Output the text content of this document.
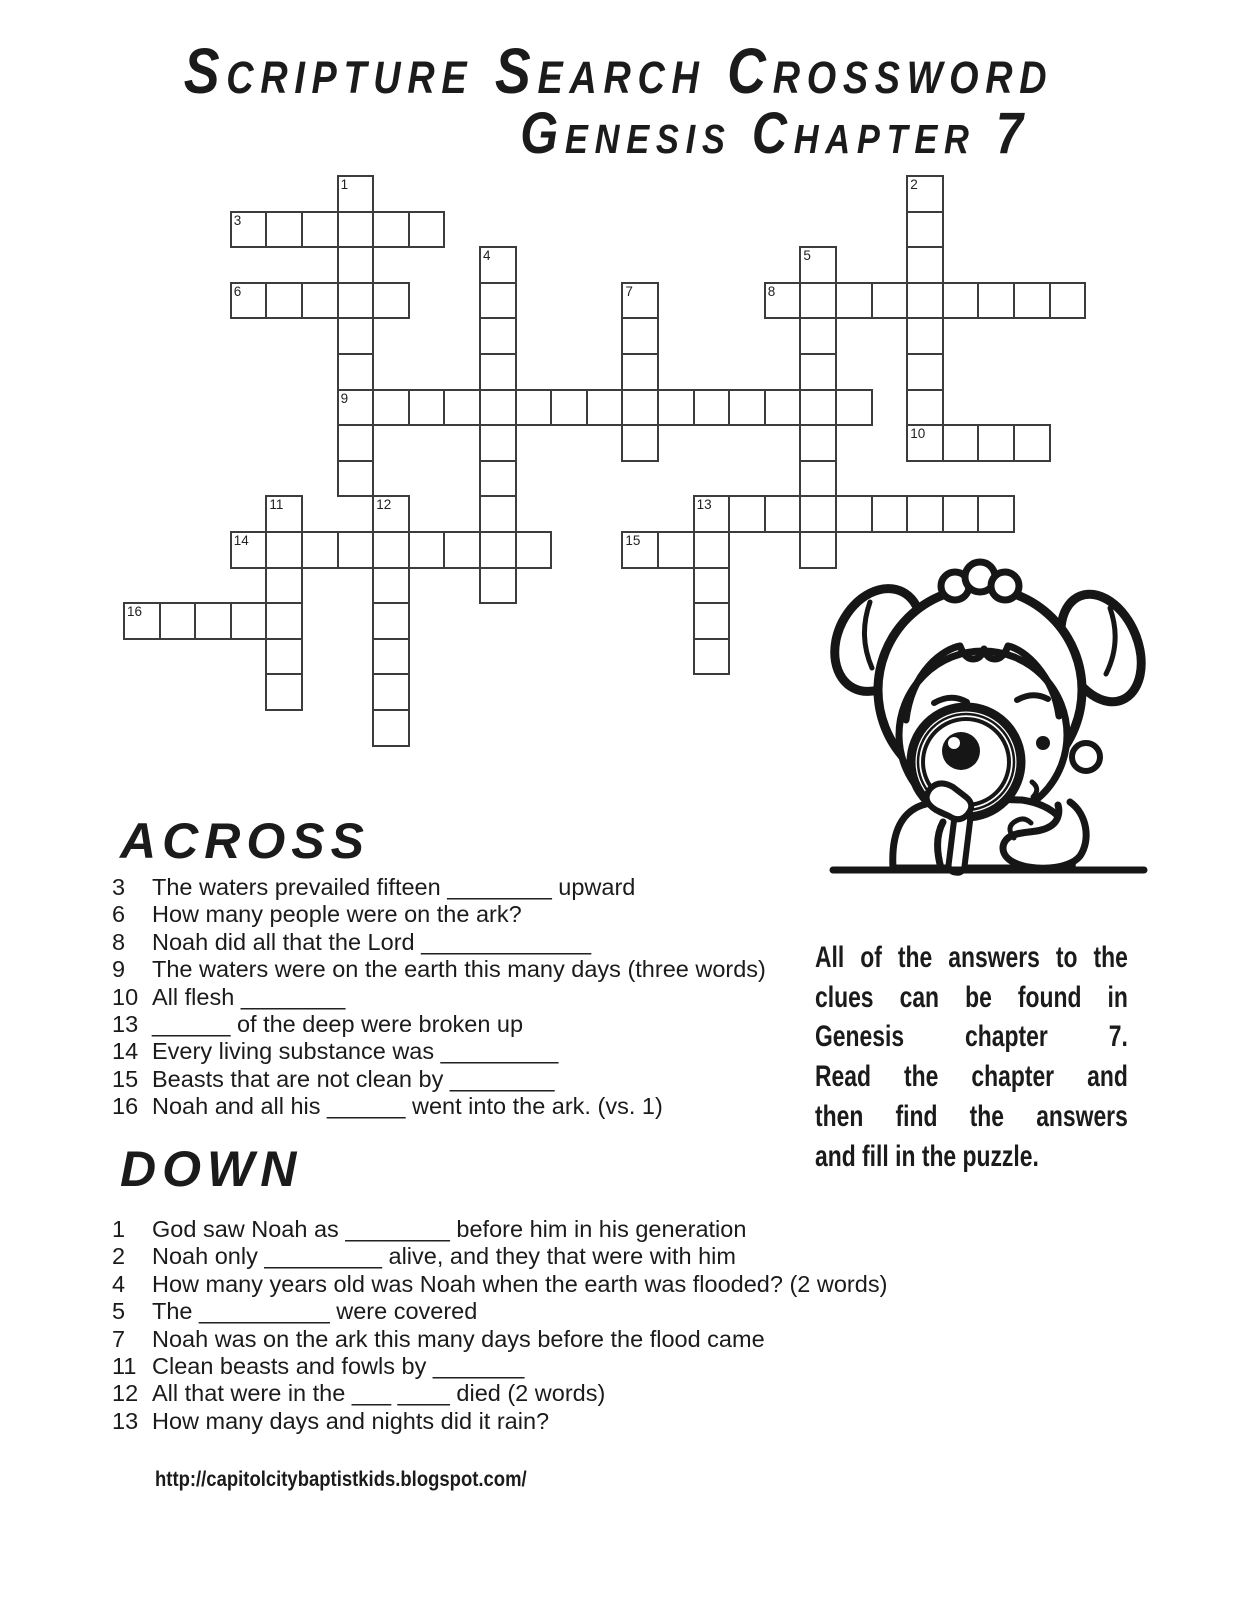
Scripture Search Crossword
Genesis Chapter 7
1	2
3
4	5
6	7	8
9
10
11	12	13
14	15
16
ACROSS
3	The waters prevailed fifteen ________ upward
6	How many people were on the ark?
8	Noah did all that the Lord _____________
9	The waters were on the earth this many days (three words)
10 All flesh ________
13 ______ of the deep were broken up
14 Every living substance was _________
15 Beasts that are not clean by ________
16 Noah and all his ______ went into the ark. (vs. 1)
DOWN
1	God saw Noah as ________ before him in his generation
2	Noah only _________ alive, and they that were with him
4	How many years old was Noah when the earth was flooded? (2 words)
5	The __________ were covered
7	Noah was on the ark this many days before the flood came
11 Clean beasts and fowls by _______
12 All that were in the ___ ____ died (2 words)
13 How many days and nights did it rain?
All of the answers to the
clues can be found in
Genesis chapter 7.
Read the chapter and
then find the answers
and fill in the puzzle.
http://capitolcitybaptistkids.blogspot.com/
